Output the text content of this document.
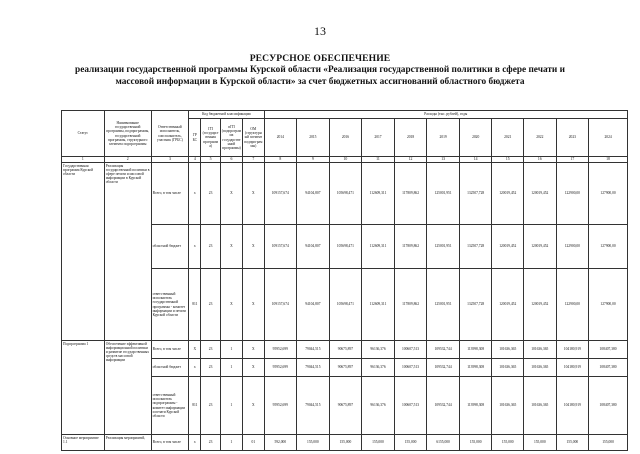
13
РЕСУРСНОЕ ОБЕСПЕЧЕНИЕ
реализации государственной программы Курской области «Реализация государственной политики в сфере печати и
массовой информации в Курской области» за счет бюджетных ассигнований областного бюджета
Статус	Наименование государственной программы, подпрограммы, государственной программы, структурного элемента подпрограммы	Ответственный исполнитель, соисполнитель, участник (ГРБС)	Код бюджетной классификации				Расходы (тыс. рублей), годы										
			ГР БС	ГП (государственная программа)	пГП (подпрограмма государственной программы)	ОМ (структурный элемент подпрограммы)	2014	2015	2016	2017	2018	2019	2020	2021	2022	2023	2024
1	2	3	4	5	6	7	8	9	10	11	12	13	14	15	16	17	18
Государственная программа Курской области	Реализация государственной политики в сфере печати и массовой информации в Курской области	Всего, в том числе	х	23	Х	Х	109157,674	94104,807	105698,471	112609,311	117809,862	125001,951	132507,728	120019,452	120019,452	122900,00	127900,00
		областной бюджет	х	23	Х	Х	109157,674	94104,807	105698,471	112609,311	117809,862	125001,951	132507,728	120019,452	120019,452	122900,00	127900,00
		ответственный исполнитель государственной программы - комитет информации и печати Курской области	811	23	Х	Х	109157,674	94104,807	105698,471	112609,311	117809,862	125001,951	132507,728	120019,452	120019,452	122900,00	127900,00
Подпрограмма 1	Обеспечение эффективной информационной политики и развитие государственных средств массовой информации	Всего, в том числе	Х	23	1	Х	95952,699	79044,515	90675,897	96136,376	100607,513	109532,744	113998,308	101636,365	101636,365	104180,919	108407,380
		областной бюджет	х	23	1	Х	95952,699	79044,515	90675,897	96136,376	100607,513	109532,744	113998,308	101636,365	101636,365	104180,919	108407,380
		ответственный исполнитель подпрограммы - комитет информации и печати Курской области	811	23	1	Х	95952,699	79044,515	90675,897	96136,376	100607,513	109532,744	113998,308	101636,365	101636,365	104180,919	108407,380
Основное мероприятие 1.1	Реализация мероприятий,	Всего, в том числе	х	23	1	01	592,000	155,000	155,000	155,000	155,000	6155,000	155,000	155,000	155,000	155,000	155,000
